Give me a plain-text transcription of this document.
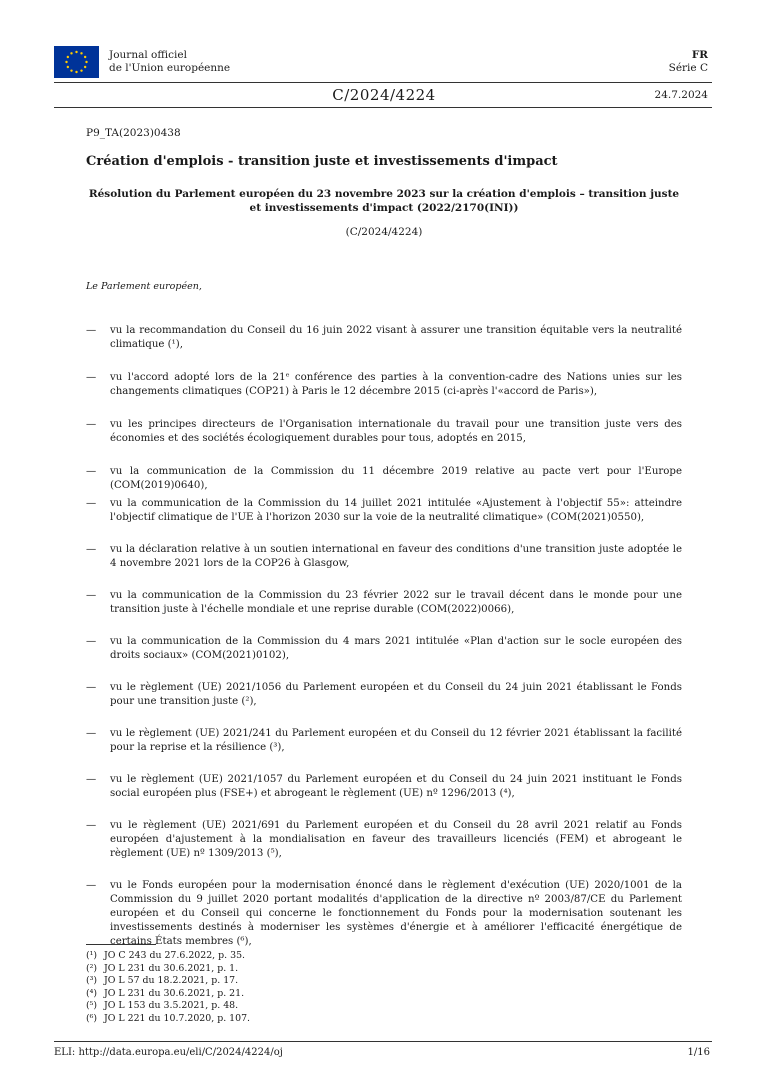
Journal officiel
de l'Union européenne
FR
Série C
C/2024/4224	24.7.2024

P9_TA(2023)0438

Création d'emplois - transition juste et investissements d'impact

Résolution du Parlement européen du 23 novembre 2023 sur la création d'emplois – transition juste et investissements d'impact (2022/2170(INI))

(C/2024/4224)

Le Parlement européen,

—	vu la recommandation du Conseil du 16 juin 2022 visant à assurer une transition équitable vers la neutralité climatique (¹),
—	vu l'accord adopté lors de la 21ᵉ conférence des parties à la convention-cadre des Nations unies sur les changements climatiques (COP21) à Paris le 12 décembre 2015 (ci-après l'«accord de Paris»),
—	vu les principes directeurs de l'Organisation internationale du travail pour une transition juste vers des économies et des sociétés écologiquement durables pour tous, adoptés en 2015,
—	vu la communication de la Commission du 11 décembre 2019 relative au pacte vert pour l'Europe (COM(2019)0640),
—	vu la communication de la Commission du 14 juillet 2021 intitulée «Ajustement à l'objectif 55»: atteindre l'objectif climatique de l'UE à l'horizon 2030 sur la voie de la neutralité climatique» (COM(2021)0550),
—	vu la déclaration relative à un soutien international en faveur des conditions d'une transition juste adoptée le 4 novembre 2021 lors de la COP26 à Glasgow,
—	vu la communication de la Commission du 23 février 2022 sur le travail décent dans le monde pour une transition juste à l'échelle mondiale et une reprise durable (COM(2022)0066),
—	vu la communication de la Commission du 4 mars 2021 intitulée «Plan d'action sur le socle européen des droits sociaux» (COM(2021)0102),
—	vu le règlement (UE) 2021/1056 du Parlement européen et du Conseil du 24 juin 2021 établissant le Fonds pour une transition juste (²),
—	vu le règlement (UE) 2021/241 du Parlement européen et du Conseil du 12 février 2021 établissant la facilité pour la reprise et la résilience (³),
—	vu le règlement (UE) 2021/1057 du Parlement européen et du Conseil du 24 juin 2021 instituant le Fonds social européen plus (FSE+) et abrogeant le règlement (UE) nº 1296/2013 (⁴),
—	vu le règlement (UE) 2021/691 du Parlement européen et du Conseil du 28 avril 2021 relatif au Fonds européen d'ajustement à la mondialisation en faveur des travailleurs licenciés (FEM) et abrogeant le règlement (UE) nº 1309/2013 (⁵),
—	vu le Fonds européen pour la modernisation énoncé dans le règlement d'exécution (UE) 2020/1001 de la Commission du 9 juillet 2020 portant modalités d'application de la directive nº 2003/87/CE du Parlement européen et du Conseil qui concerne le fonctionnement du Fonds pour la modernisation soutenant les investissements destinés à moderniser les systèmes d'énergie et à améliorer l'efficacité énergétique de certains États membres (⁶),
(¹) JO C 243 du 27.6.2022, p. 35.
(²) JO L 231 du 30.6.2021, p. 1.
(³) JO L 57 du 18.2.2021, p. 17.
(⁴) JO L 231 du 30.6.2021, p. 21.
(⁵) JO L 153 du 3.5.2021, p. 48.
(⁶) JO L 221 du 10.7.2020, p. 107.
ELI: http://data.europa.eu/eli/C/2024/4224/oj	1/16
